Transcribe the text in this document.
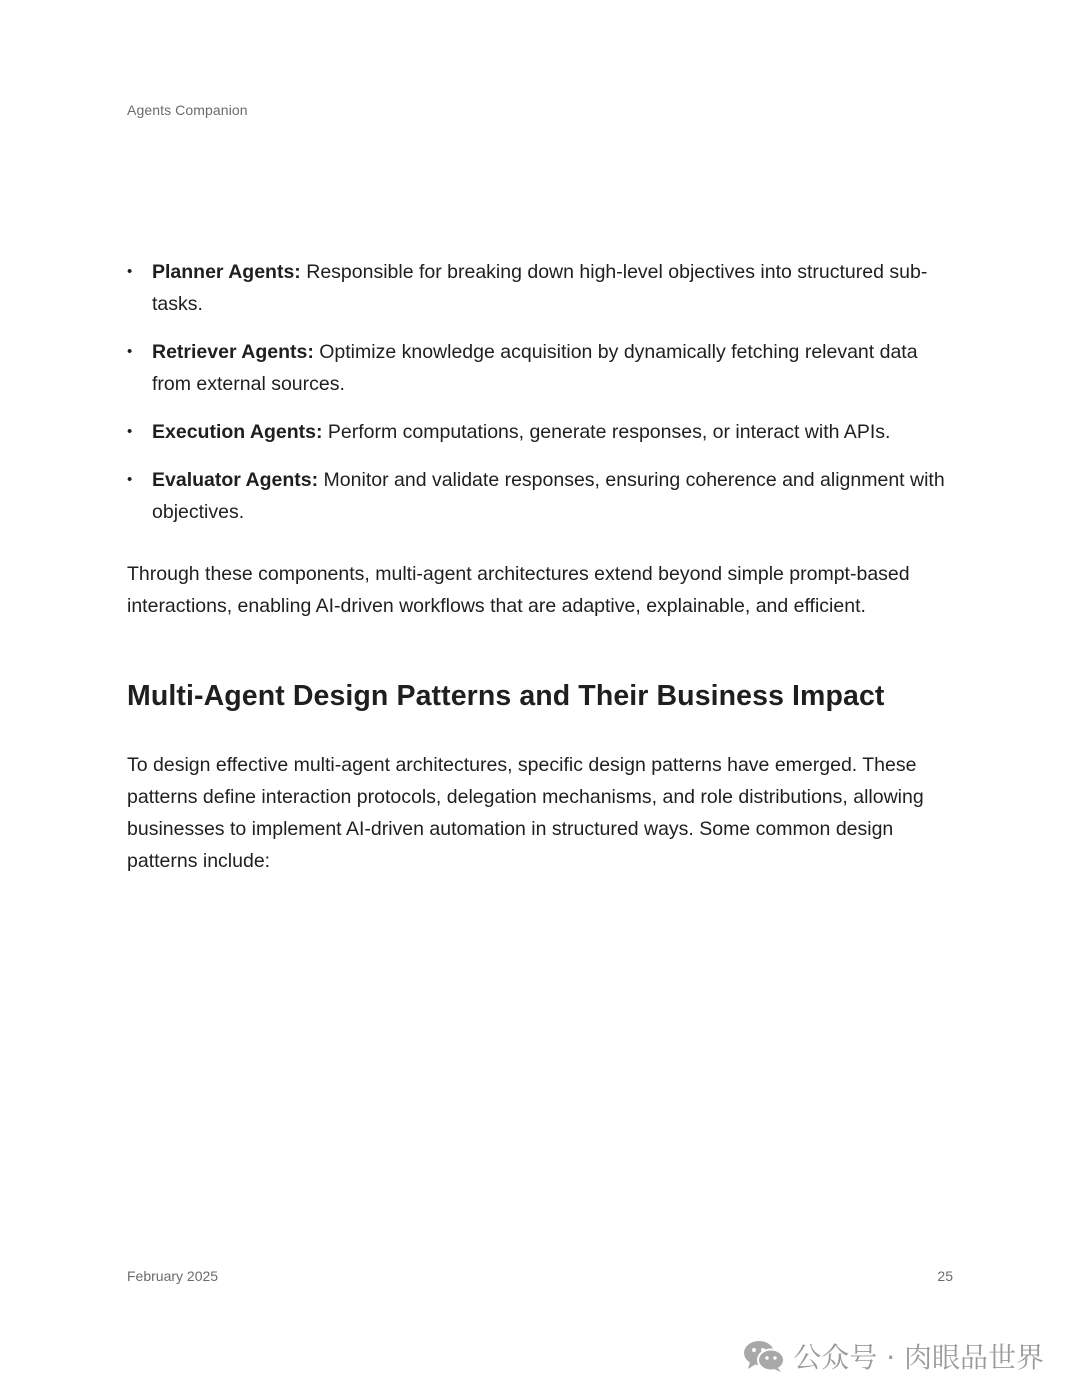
Agents Companion
• Planner Agents: Responsible for breaking down high-level objectives into structured sub-tasks.
• Retriever Agents: Optimize knowledge acquisition by dynamically fetching relevant data from external sources.
• Execution Agents: Perform computations, generate responses, or interact with APIs.
• Evaluator Agents: Monitor and validate responses, ensuring coherence and alignment with objectives.

Through these components, multi-agent architectures extend beyond simple prompt-based interactions, enabling AI-driven workflows that are adaptive, explainable, and efficient.

Multi-Agent Design Patterns and Their Business Impact

To design effective multi-agent architectures, specific design patterns have emerged. These patterns define interaction protocols, delegation mechanisms, and role distributions, allowing businesses to implement AI-driven automation in structured ways. Some common design patterns include:

February 2025	25
公众号 · 肉眼品世界
